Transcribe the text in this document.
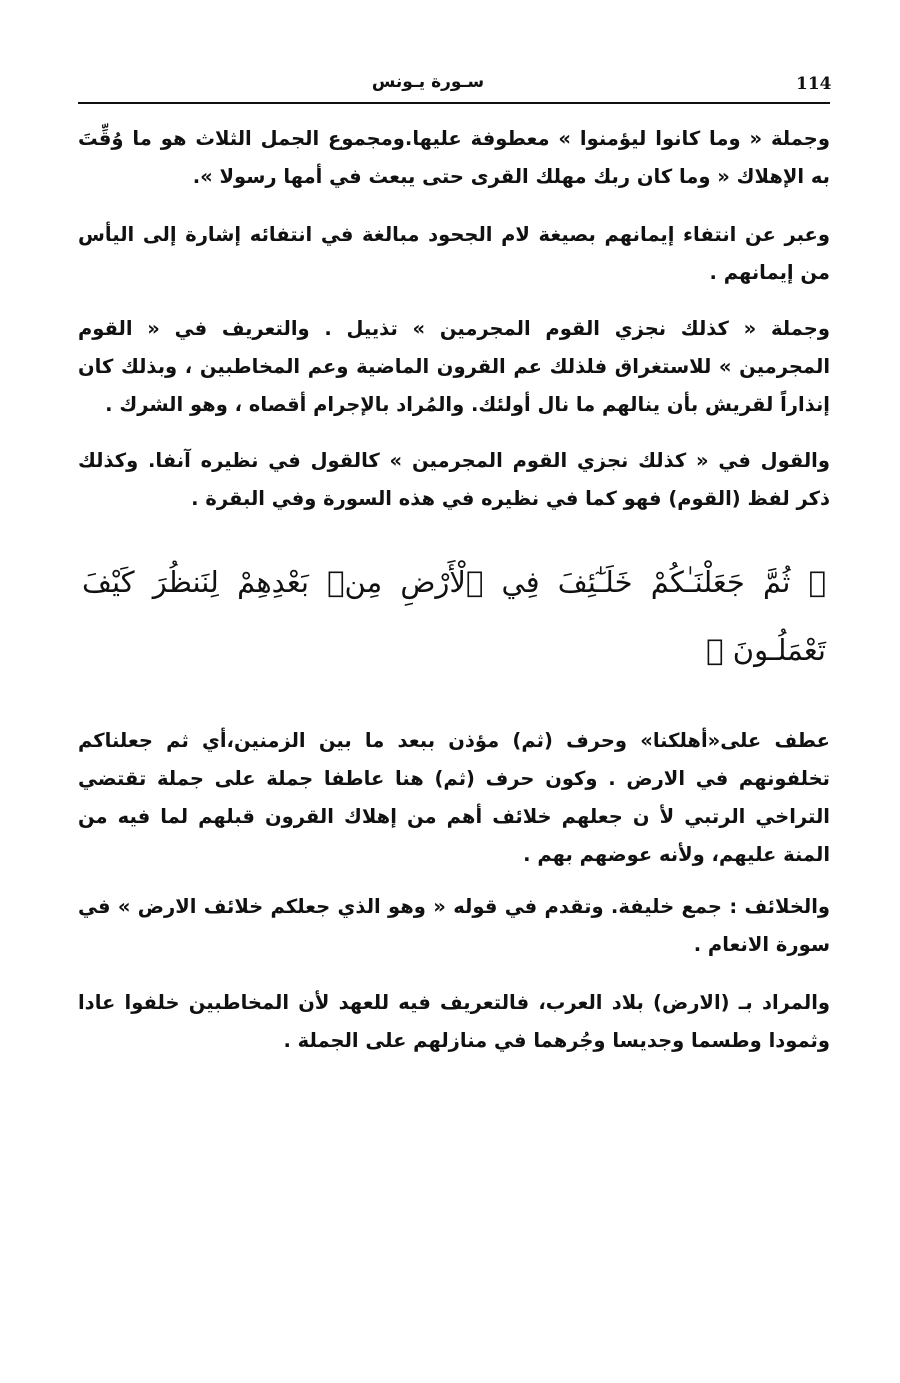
114
سـورة يـونس

وجملة « وما كانوا ليؤمنوا » معطوفة عليها.ومجموع الجمل الثلاث هو ما وُقِّتَ به الإهلاك « وما كان ربك مهلك القرى حتى يبعث في أمها رسولا ».

وعبر عن انتفاء إيمانهم بصيغة لام الجحود مبالغة في انتفائه إشارة إلى اليأس من إيمانهم .

وجملة « كذلك نجزي القوم المجرمين » تذييل . والتعريف في « القوم المجرمين » للاستغراق فلذلك عم القرون الماضية وعم المخاطبين ، وبذلك كان إنذاراً لقريش بأن ينالهم ما نال أولئك. والمُراد بالإجرام أقصاه ، وهو الشرك .

والقول في « كذلك نجزي القوم المجرمين » كالقول في نظيره آنفا. وكذلك ذكر لفظ (القوم) فهو كما في نظيره في هذه السورة وفي البقرة .

﴿ ثُمَّ جَعَلْنَـٰكُمْ خَلَـٰٓئِفَ فِي ٱلْأَرْضِ مِنۢ بَعْدِهِمْ لِنَنظُرَ كَيْفَ تَعْمَلُـونَ ﴾

عطف على«أهلكنا» وحرف (ثم) مؤذن ببعد ما بين الزمنين،أي ثم جعلناكم تخلفونهم في الارض . وكون حرف (ثم) هنا عاطفا جملة على جملة تقتضي التراخي الرتبي لأ ن جعلهم خلائف أهم من إهلاك القرون قبلهم لما فيه من المنة عليهم، ولأنه عوضهم بهم .

والخلائف : جمع خليفة. وتقدم في قوله « وهو الذي جعلكم خلائف الارض » في سورة الانعام .

والمراد بـ (الارض) بلاد العرب، فالتعريف فيه للعهد لأن المخاطبين خلفوا عادا وثمودا وطسما وجديسا وجُرهما في منازلهم على الجملة .
